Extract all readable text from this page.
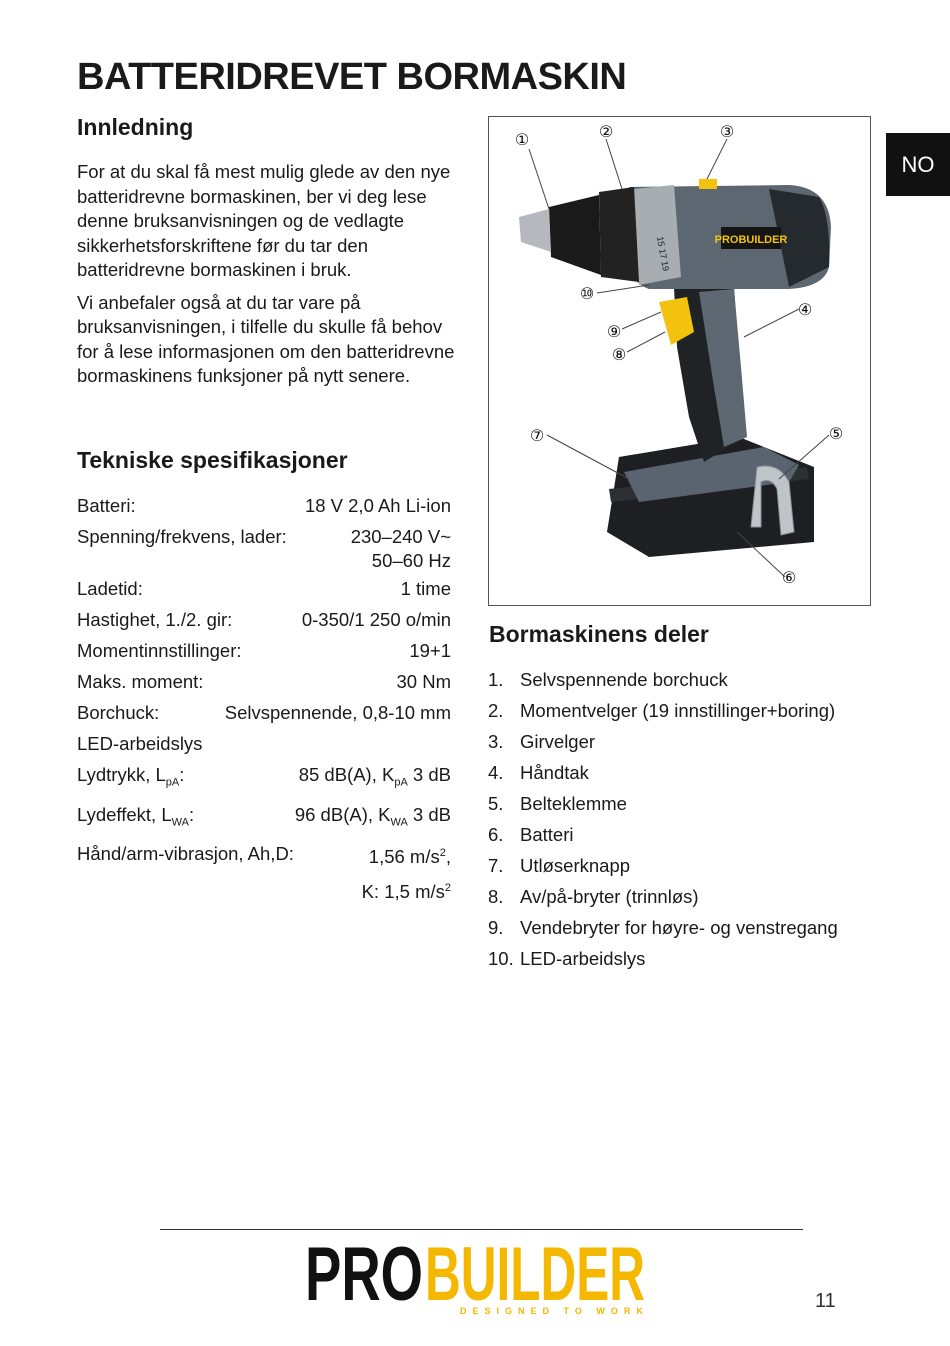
BATTERIDREVET BORMASKIN
NO
Innledning

For at du skal få mest mulig glede av den nye batteridrevne bormaskinen, ber vi deg lese denne bruksanvisningen og de vedlagte sikkerhetsforskriftene før du tar den batteridrevne bormaskinen i bruk.

Vi anbefaler også at du tar vare på bruksanvisningen, i tilfelle du skulle få behov for å lese informasjonen om den batteridrevne bormaskinens funksjoner på nytt senere.

Tekniske spesifikasjoner
Batteri:	18 V 2,0 Ah Li-ion
Spenning/frekvens, lader:	230–240 V~
50–60 Hz
Ladetid:	1 time
Hastighet, 1./2. gir:	0-350/1 250 o/min
Momentinnstillinger:	19+1
Maks. moment:	30 Nm
Borchuck:	Selvspennende, 0,8-10 mm
LED-arbeidslys
Lydtrykk, $L_{pA}$:	85 dB(A), $K_{pA}$ 3 dB
Lydeffekt, $L_{WA}$:	96 dB(A), $K_{WA}$ 3 dB
Hånd/arm-vibrasjon, Ah,D:	1,56 $m/s^2$,
K: 1,5 $m/s^2$
PROBUILDER
15 17 19
①	②	③
④
⑤
⑥
⑦
⑧
⑨
⑩
Bormaskinens deler
1. Selvspennende borchuck
2. Momentvelger (19 innstillinger+boring)
3. Girvelger
4. Håndtak
5. Belteklemme
6. Batteri
7. Utløserknapp
8. Av/på-bryter (trinnløs)
9. Vendebryter for høyre- og venstregang
10. LED-arbeidslys
PRO BUILDER
DESIGNED TO WORK	11
